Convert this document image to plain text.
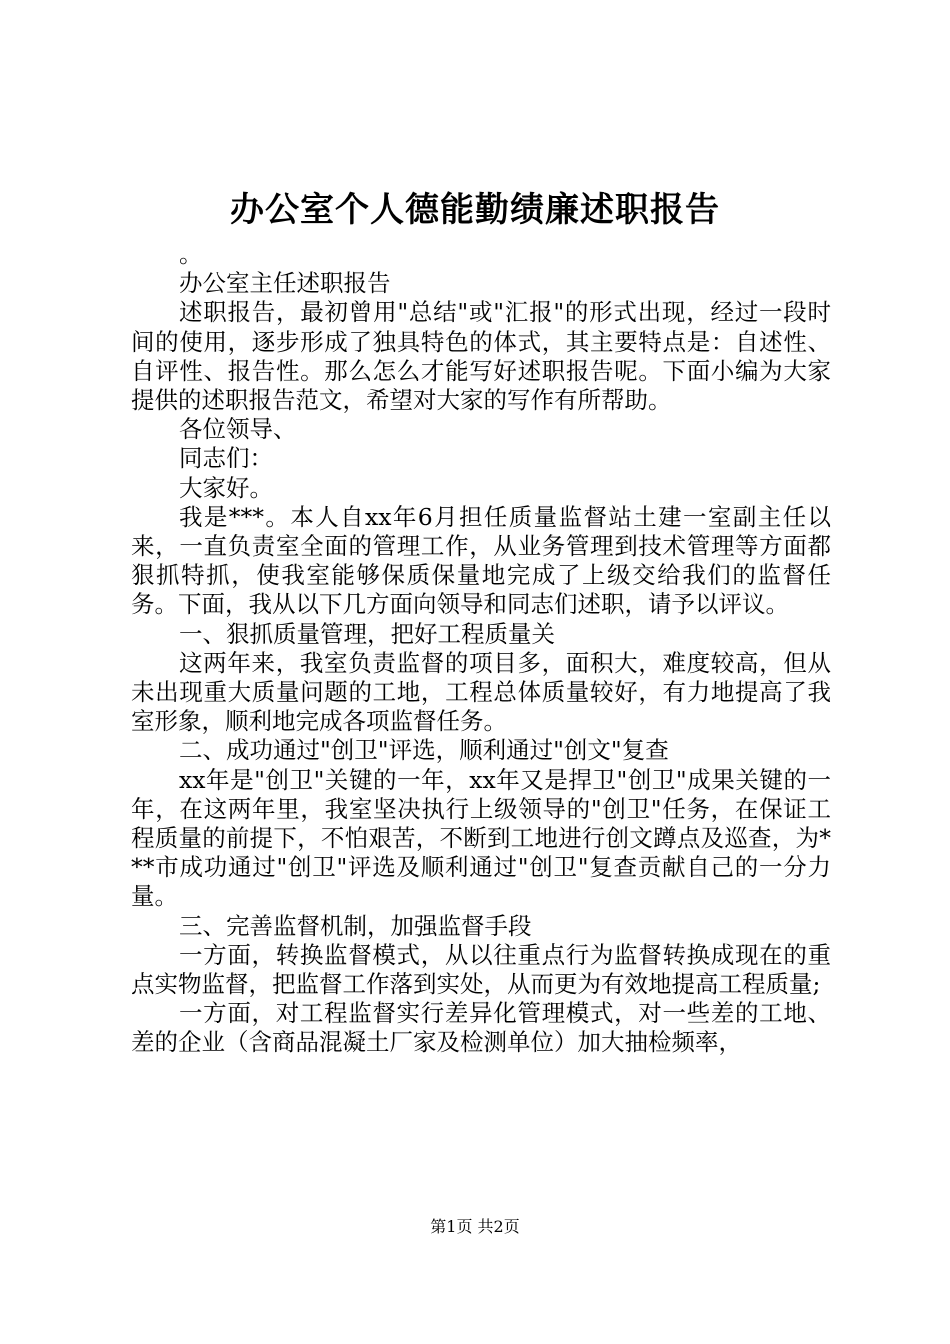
办公室个人德能勤绩廉述职报告

。

办公室主任述职报告

述职报告，最初曾用"总结"或"汇报"的形式出现，经过一段时间的使用，逐步形成了独具特色的体式，其主要特点是：自述性、自评性、报告性。那么怎么才能写好述职报告呢。下面小编为大家提供的述职报告范文，希望对大家的写作有所帮助。

各位领导、

同志们：

大家好。

我是***。本人自xx年6月担任质量监督站土建一室副主任以来，一直负责室全面的管理工作，从业务管理到技术管理等方面都狠抓特抓，使我室能够保质保量地完成了上级交给我们的监督任务。下面，我从以下几方面向领导和同志们述职，请予以评议。

一、狠抓质量管理，把好工程质量关

这两年来，我室负责监督的项目多，面积大，难度较高，但从未出现重大质量问题的工地，工程总体质量较好，有力地提高了我室形象，顺利地完成各项监督任务。

二、成功通过"创卫"评选，顺利通过"创文"复查

xx年是"创卫"关键的一年，xx年又是捍卫"创卫"成果关键的一年，在这两年里，我室坚决执行上级领导的"创卫"任务，在保证工程质量的前提下，不怕艰苦，不断到工地进行创文蹲点及巡查，为***市成功通过"创卫"评选及顺利通过"创卫"复查贡献自己的一分力量。

三、完善监督机制，加强监督手段

一方面，转换监督模式，从以往重点行为监督转换成现在的重点实物监督，把监督工作落到实处，从而更为有效地提高工程质量;

一方面，对工程监督实行差异化管理模式，对一些差的工地、差的企业（含商品混凝土厂家及检测单位）加大抽检频率，

第1页 共2页
